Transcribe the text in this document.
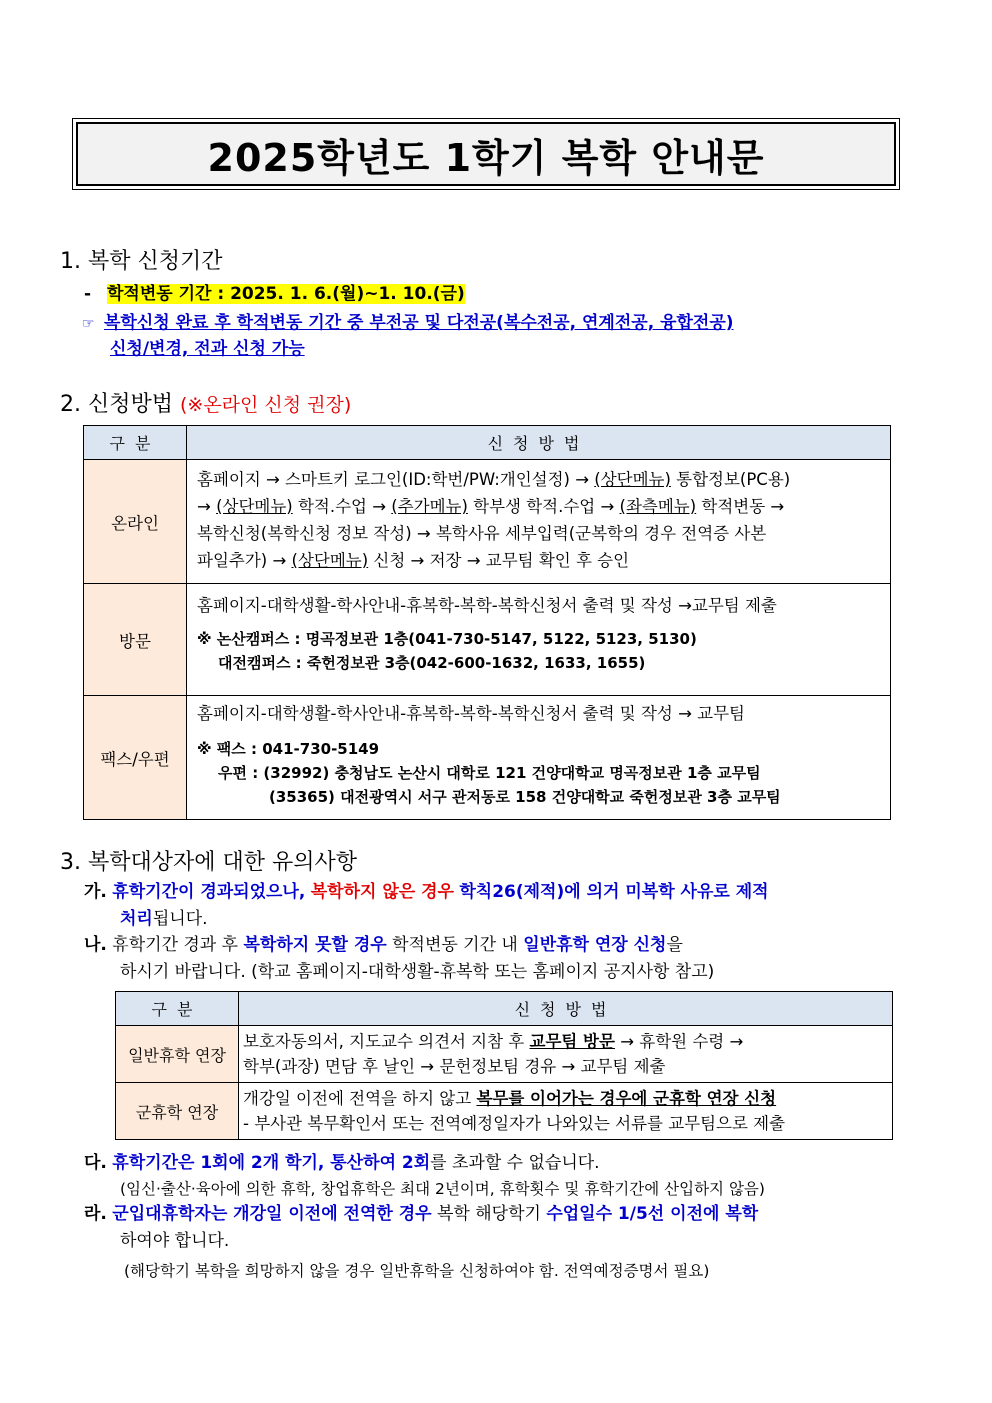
2025학년도 1학기 복학 안내문
1. 복학 신청기간
- 학적변동 기간 : 2025. 1. 6.(월)~1. 10.(금)
☞ 복학신청 완료 후 학적변동 기간 중 부전공 및 다전공(복수전공, 연계전공, 융합전공)
신청/변경, 전과 신청 가능
2. 신청방법 (※온라인 신청 권장)
구분	신청방법
온라인	홈페이지 → 스마트키 로그인(ID:학번/PW:개인설정) → (상단메뉴) 통합정보(PC용)
→ (상단메뉴) 학적.수업 → (추가메뉴) 학부생 학적.수업 → (좌측메뉴) 학적변동 →
복학신청(복학신청 정보 작성) → 복학사유 세부입력(군복학의 경우 전역증 사본
파일추가) → (상단메뉴) 신청 → 저장 → 교무팀 확인 후 승인

방문	홈페이지-대학생활-학사안내-휴복학-복학-복학신청서 출력 및 작성 →교무팀 제출
※ 논산캠퍼스 : 명곡정보관 1층(041-730-5147, 5122, 5123, 5130)
대전캠퍼스 : 죽헌정보관 3층(042-600-1632, 1633, 1655)

팩스/우편	홈페이지-대학생활-학사안내-휴복학-복학-복학신청서 출력 및 작성 → 교무팀
※ 팩스 : 041-730-5149
우편 : (32992) 충청남도 논산시 대학로 121 건양대학교 명곡정보관 1층 교무팀
(35365) 대전광역시 서구 관저동로 158 건양대학교 죽헌정보관 3층 교무팀
3. 복학대상자에 대한 유의사항
가. 휴학기간이 경과되었으나, 복학하지 않은 경우 학칙26(제적)에 의거 미복학 사유로 제적
처리됩니다.
나. 휴학기간 경과 후 복학하지 못할 경우 학적변동 기간 내 일반휴학 연장 신청을
하시기 바랍니다. (학교 홈페이지-대학생활-휴복학 또는 홈페이지 공지사항 참고)
구분	신청방법
일반휴학 연장	보호자동의서, 지도교수 의견서 지참 후 교무팀 방문 → 휴학원 수령 →
학부(과장) 면담 후 날인 → 문헌정보팀 경유 → 교무팀 제출

군휴학 연장	개강일 이전에 전역을 하지 않고 복무를 이어가는 경우에 군휴학 연장 신청
- 부사관 복무확인서 또는 전역예정일자가 나와있는 서류를 교무팀으로 제출
다. 휴학기간은 1회에 2개 학기, 통산하여 2회를 초과할 수 없습니다.
(임신·출산·육아에 의한 휴학, 창업휴학은 최대 2년이며, 휴학횟수 및 휴학기간에 산입하지 않음)
라. 군입대휴학자는 개강일 이전에 전역한 경우 복학 해당학기 수업일수 1/5선 이전에 복학
하여야 합니다.
(해당학기 복학을 희망하지 않을 경우 일반휴학을 신청하여야 함. 전역예정증명서 필요)
